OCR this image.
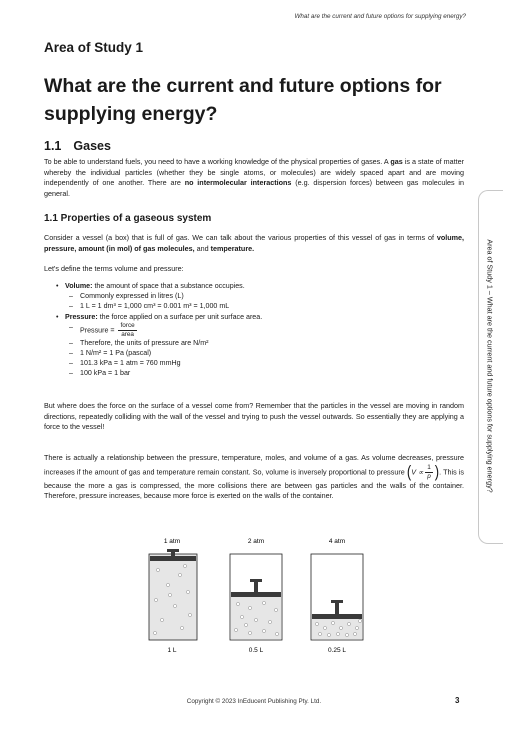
What are the current and future options for supplying energy?
Area of Study 1
What are the current and future options for supplying energy?
1.1 Gases
To be able to understand fuels, you need to have a working knowledge of the physical properties of gases. A gas is a state of matter whereby the individual particles (whether they be single atoms, or molecules) are widely spaced apart and are moving independently of one another. There are no intermolecular interactions (e.g. dispersion forces) between gas molecules in general.
1.1 Properties of a gaseous system
Consider a vessel (a box) that is full of gas. We can talk about the various properties of this vessel of gas in terms of volume, pressure, amount (in mol) of gas molecules, and temperature.
Let's define the terms volume and pressure:
• Volume: the amount of space that a substance occupies.
– Commonly expressed in litres (L)
– 1 L = 1 dm³ = 1,000 cm³ = 0.001 m³ = 1,000 mL
• Pressure: the force applied on a surface per unit surface area.
– Pressure = $\frac{\text{force}}{\text{area}}$
– Therefore, the units of pressure are N/m²
– 1 N/m² = 1 Pa (pascal)
– 101.3 kPa = 1 atm = 760 mmHg
– 100 kPa = 1 bar
But where does the force on the surface of a vessel come from? Remember that the particles in the vessel are moving in random directions, repeatedly colliding with the wall of the vessel and trying to push the vessel outwards. So essentially they are applying a force to the vessel!
There is actually a relationship between the pressure, temperature, moles, and volume of a gas. As volume decreases, pressure increases if the amount of gas and temperature remain constant. So, volume is inversely proportional to pressure ($V \propto \frac{1}{p}$ ). This is because the more a gas is compressed, the more collisions there are between gas particles and the walls of the container. Therefore, pressure increases, because more force is exerted on the walls of the container.
1 atm	2 atm	4 atm
1 L	0.5 L	0.25 L
Area of Study 1 – What are the current and future options for supplying energy?
Copyright © 2023 InEducent Publishing Pty. Ltd.	3
